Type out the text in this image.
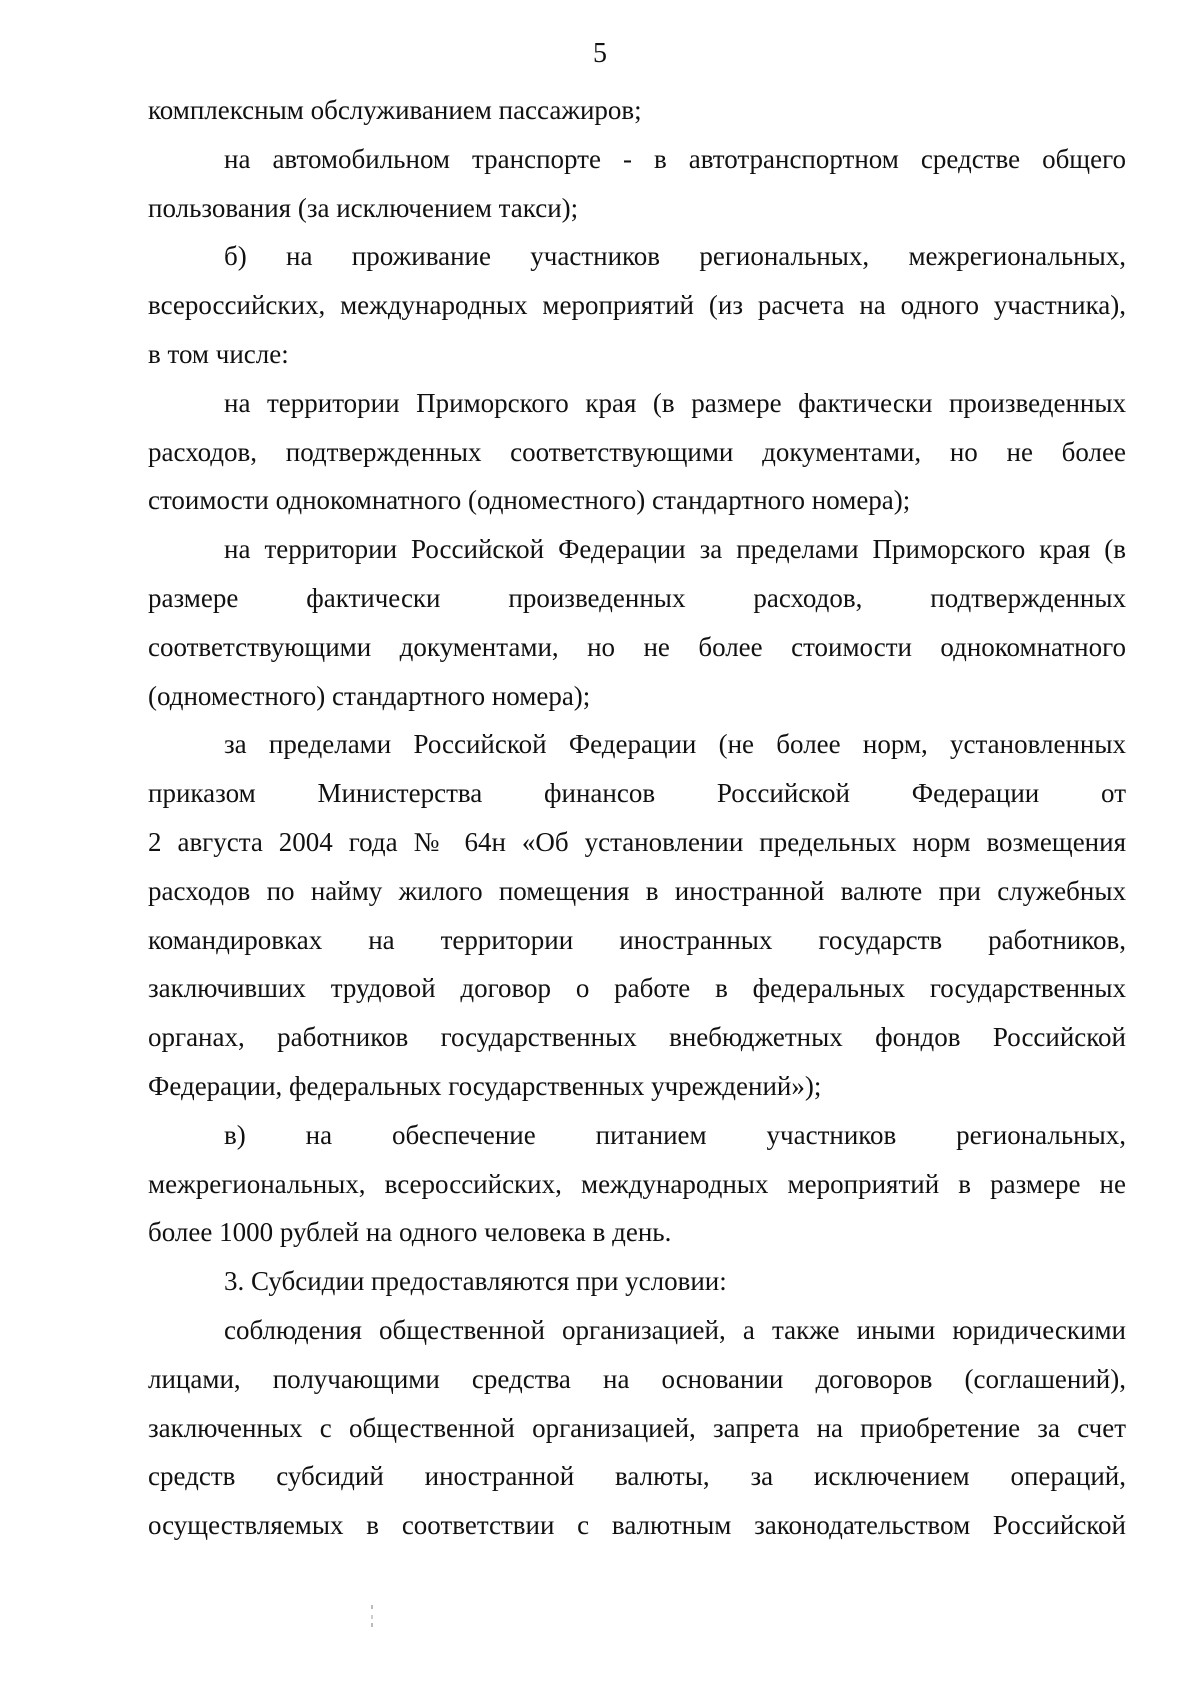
5
комплексным обслуживанием пассажиров;
на автомобильном транспорте - в автотранспортном средстве общего
пользования (за исключением такси);
б) на проживание участников региональных, межрегиональных,
всероссийских, международных мероприятий (из расчета на одного участника),
в том числе:
на территории Приморского края (в размере фактически произведенных
расходов, подтвержденных соответствующими документами, но не более
стоимости однокомнатного (одноместного) стандартного номера);
на территории Российской Федерации за пределами Приморского края (в
размере фактически произведенных расходов, подтвержденных
соответствующими документами, но не более стоимости однокомнатного
(одноместного) стандартного номера);
за пределами Российской Федерации (не более норм, установленных
приказом Министерства финансов Российской Федерации от
2 августа 2004 года № 64н «Об установлении предельных норм возмещения
расходов по найму жилого помещения в иностранной валюте при служебных
командировках на территории иностранных государств работников,
заключивших трудовой договор о работе в федеральных государственных
органах, работников государственных внебюджетных фондов Российской
Федерации, федеральных государственных учреждений»);
в) на обеспечение питанием участников региональных,
межрегиональных, всероссийских, международных мероприятий в размере не
более 1000 рублей на одного человека в день.
3. Субсидии предоставляются при условии:
соблюдения общественной организацией, а также иными юридическими
лицами, получающими средства на основании договоров (соглашений),
заключенных с общественной организацией, запрета на приобретение за счет
средств субсидий иностранной валюты, за исключением операций,
осуществляемых в соответствии с валютным законодательством Российской
